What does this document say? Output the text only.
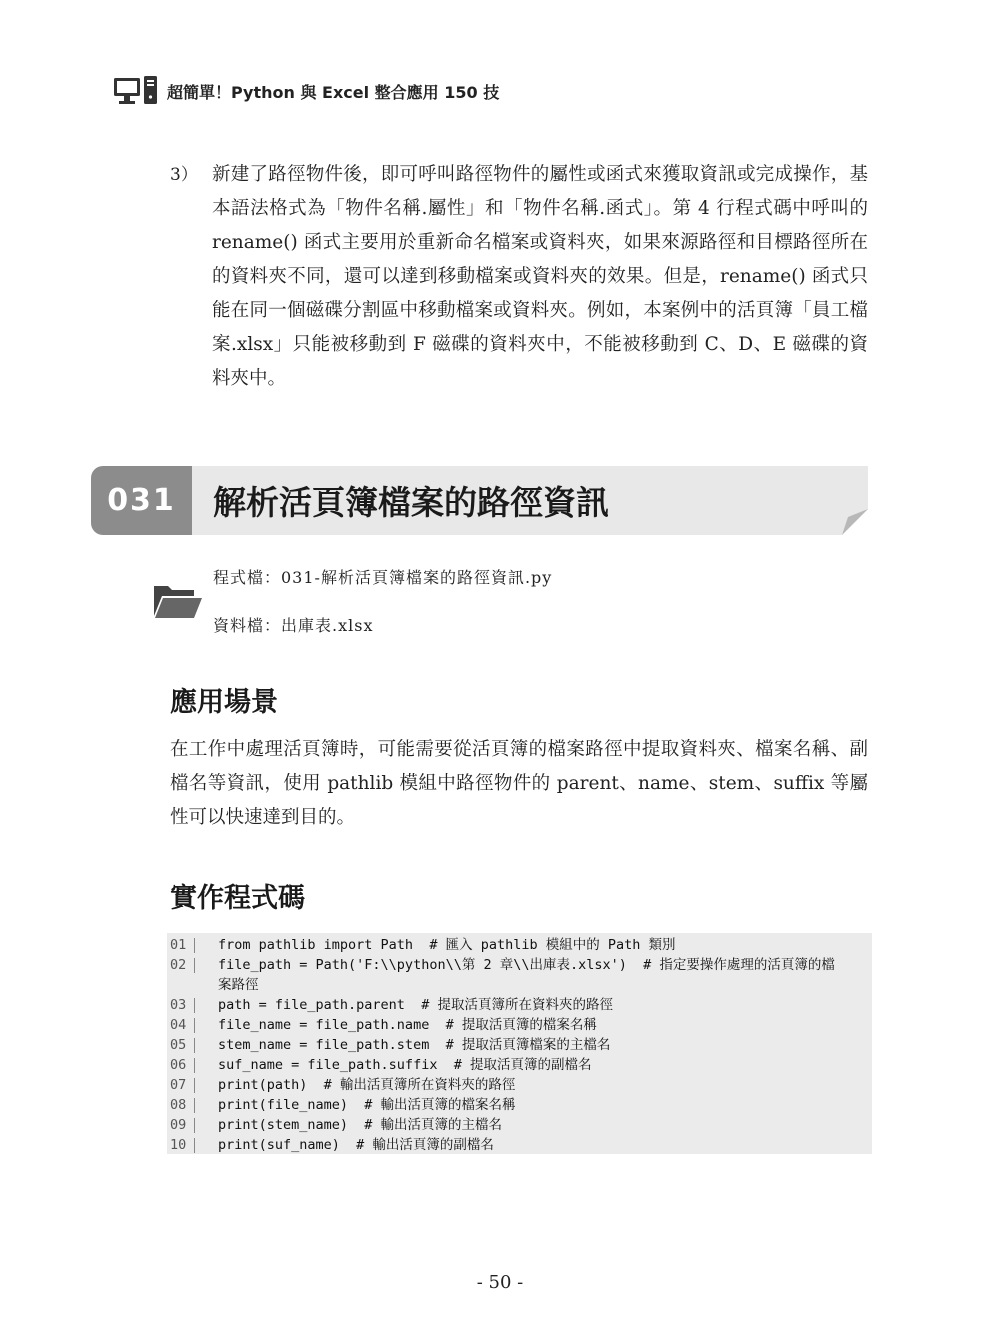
超簡單！Python 與 Excel 整合應用 150 技
3） 新建了路徑物件後，即可呼叫路徑物件的屬性或函式來獲取資訊或完成操作，基本語法格式為「物件名稱.屬性」和「物件名稱.函式」。第 4 行程式碼中呼叫的 rename() 函式主要用於重新命名檔案或資料夾，如果來源路徑和目標路徑所在的資料夾不同，還可以達到移動檔案或資料夾的效果。但是，rename() 函式只能在同一個磁碟分割區中移動檔案或資料夾。例如，本案例中的活頁簿「員工檔案.xlsx」只能被移動到 F 磁碟的資料夾中，不能被移動到 C、D、E 磁碟的資料夾中。

031	解析活頁簿檔案的路徑資訊
程式檔：031-解析活頁簿檔案的路徑資訊.py
資料檔：出庫表.xlsx
應用場景

在工作中處理活頁簿時，可能需要從活頁簿的檔案路徑中提取資料夾、檔案名稱、副檔名等資訊，使用 pathlib 模組中路徑物件的 parent、name、stem、suffix 等屬性可以快速達到目的。

實作程式碼
01	from pathlib import Path  # 匯入 pathlib 模組中的 Path 類別
02	file_path = Path('F:\\python\\第 2 章\\出庫表.xlsx')  # 指定要操作處理的活頁簿的檔
案路徑
03	path = file_path.parent  # 提取活頁簿所在資料夾的路徑
04	file_name = file_path.name  # 提取活頁簿的檔案名稱
05	stem_name = file_path.stem  # 提取活頁簿檔案的主檔名
06	suf_name = file_path.suffix  # 提取活頁簿的副檔名
07	print(path)  # 輸出活頁簿所在資料夾的路徑
08	print(file_name)  # 輸出活頁簿的檔案名稱
09	print(stem_name)  # 輸出活頁簿的主檔名
10	print(suf_name)  # 輸出活頁簿的副檔名
- 50 -
